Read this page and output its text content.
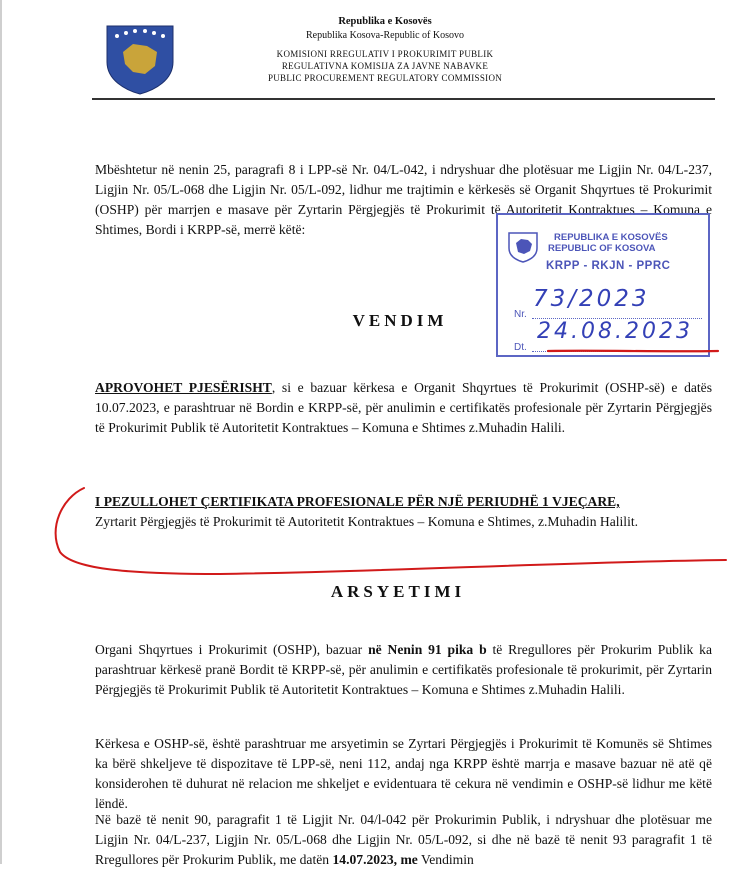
Republika e Kosovës
Republika Kosova-Republic of Kosovo
KOMISIONI RREGULATIV I PROKURIMIT PUBLIK
REGULATIVNA KOMISIJA ZA JAVNE NABAVKE
PUBLIC PROCUREMENT REGULATORY COMMISSION

Mbështetur në nenin 25, paragrafi 8 i LPP-së Nr. 04/L-042, i ndryshuar dhe plotësuar me Ligjin Nr. 04/L-237, Ligjin Nr. 05/L-068 dhe Ligjin Nr. 05/L-092, lidhur me trajtimin e kërkesës së Organit Shqyrtues të Prokurimit (OSHP) për marrjen e masave për Zyrtarin Përgjegjës të Prokurimit të Autoritetit Kontraktues – Komuna e Shtimes, Bordi i KRPP-së, merrë këtë:

VENDIM

APROVOHET PJESËRISHT, si e bazuar kërkesa e Organit Shqyrtues të Prokurimit (OSHP-së) e datës 10.07.2023, e parashtruar në Bordin e KRPP-së, për anulimin e certifikatës profesionale për Zyrtarin Përgjegjës të Prokurimit Publik të Autoritetit Kontraktues – Komuna e Shtimes z.Muhadin Halili.

I PEZULLOHET ÇERTIFIKATA PROFESIONALE PËR NJË PERIUDHË 1 VJEÇARE,
Zyrtarit Përgjegjës të Prokurimit të Autoritetit Kontraktues – Komuna e Shtimes, z.Muhadin Halilit.

ARSYETIMI

Organi Shqyrtues i Prokurimit (OSHP), bazuar në Nenin 91 pika b të Rregullores për Prokurim Publik ka parashtruar kërkesë pranë Bordit të KRPP-së, për anulimin e certifikatës profesionale të prokurimit, për Zyrtarin Përgjegjës të Prokurimit Publik të Autoritetit Kontraktues – Komuna e Shtimes z.Muhadin Halili.

Kërkesa e OSHP-së, është parashtruar me arsyetimin se Zyrtari Përgjegjës i Prokurimit të Komunës së Shtimes ka bërë shkeljeve të dispozitave të LPP-së, neni 112, andaj nga KRPP është marrja e masave bazuar në atë që konsiderohen të duhurat në relacion me shkeljet e evidentuara të cekura në vendimin e OSHP-së lidhur me këtë lëndë.

Në bazë të nenit 90, paragrafit 1 të Ligjit Nr. 04/l-042 për Prokurimin Publik, i ndryshuar dhe plotësuar me Ligjin Nr. 04/L-237, Ligjin Nr. 05/L-068 dhe Ligjin Nr. 05/L-092, si dhe në bazë të nenit 93 paragrafit 1 të Rregullores për Prokurim Publik, me datën 14.07.2023, me Vendimin

REPUBLIKA E KOSOVËS
REPUBLIC OF KOSOVA
KRPP - RKJN - PPRC
Nr.
Dt.
73/2023
24.08.2023
